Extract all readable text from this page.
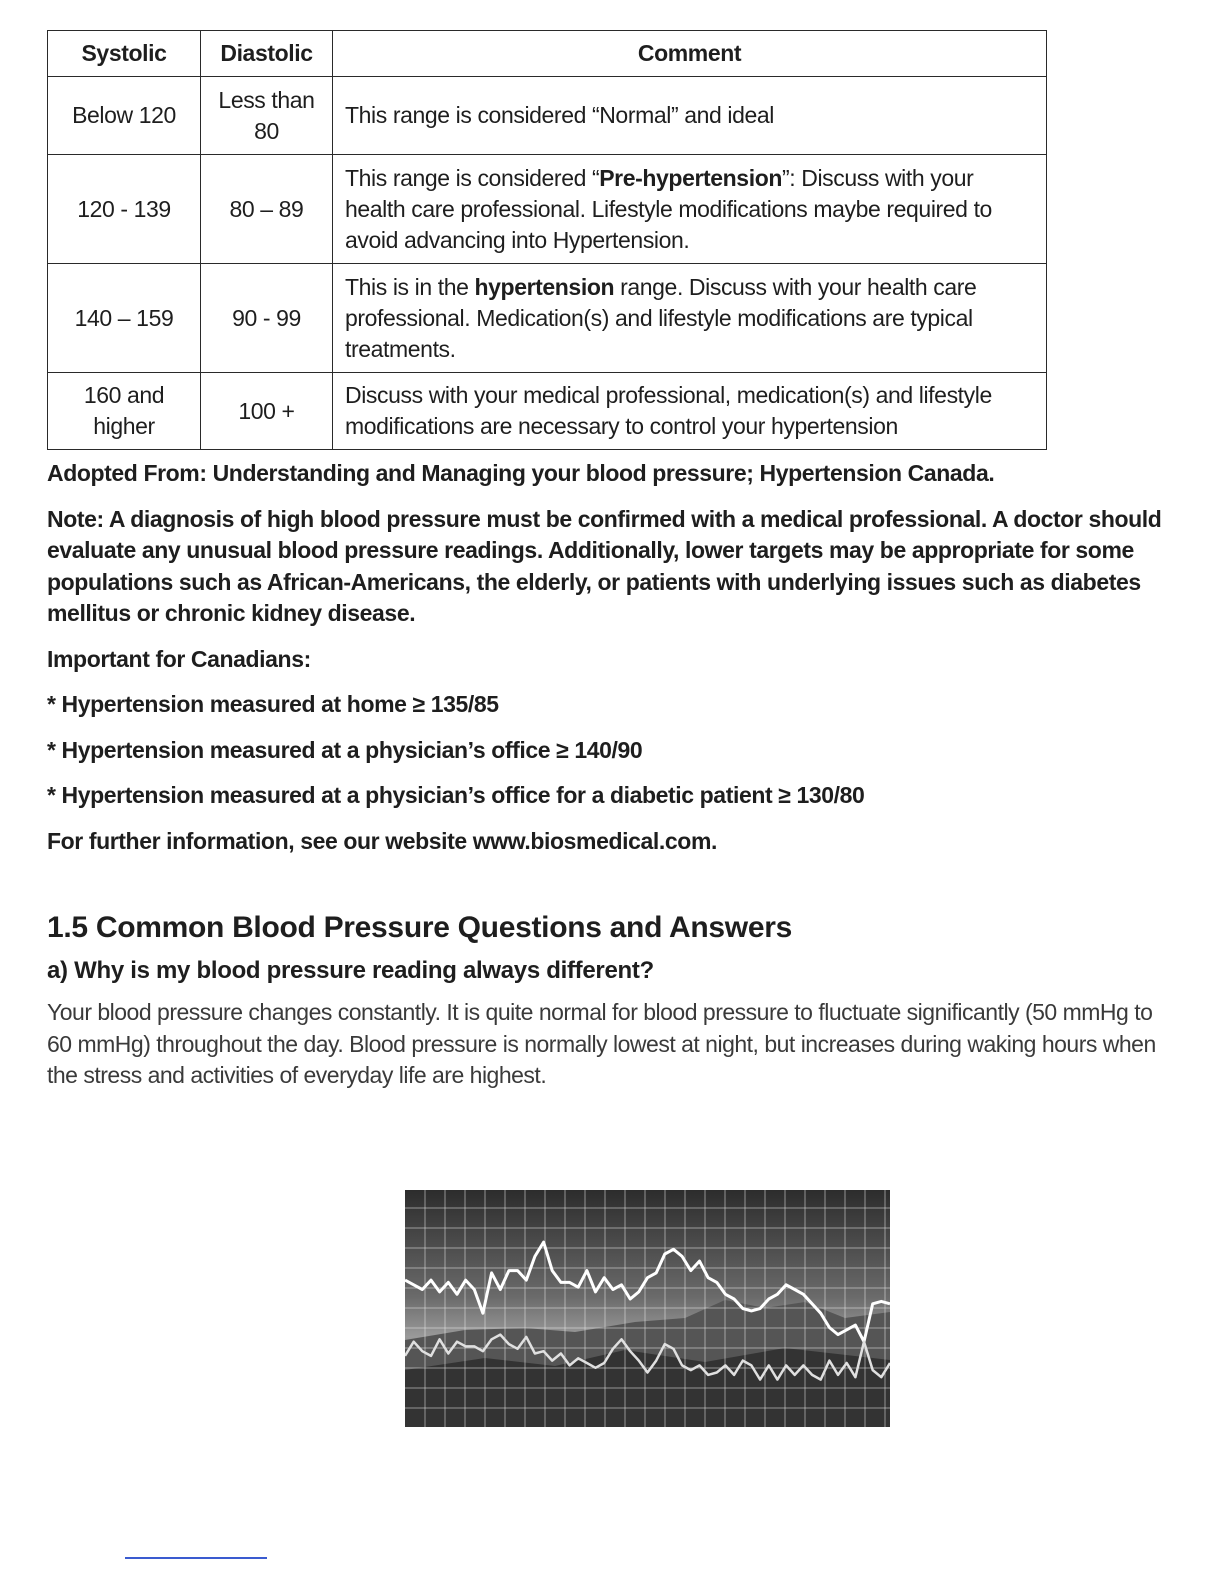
Systolic	Diastolic	Comment
Below 120	Less than 80	This range is considered “Normal” and ideal
120 - 139	80 – 89	This range is considered “Pre-hypertension”: Discuss with your health care professional. Lifestyle modifications maybe required to avoid advancing into Hypertension.
140 – 159	90 - 99	This is in the hypertension range. Discuss with your health care professional. Medication(s) and lifestyle modifications are typical treatments.
160 and higher	100 +	Discuss with your medical professional, medication(s) and lifestyle modifications are necessary to control your hypertension

Adopted From: Understanding and Managing your blood pressure; Hypertension Canada.

Note: A diagnosis of high blood pressure must be confirmed with a medical professional. A doctor should evaluate any unusual blood pressure readings. Additionally, lower targets may be appropriate for some populations such as African-Americans, the elderly, or patients with underlying issues such as diabetes mellitus or chronic kidney disease.

Important for Canadians:

* Hypertension measured at home ≥ 135/85

* Hypertension measured at a physician’s office ≥ 140/90

* Hypertension measured at a physician’s office for a diabetic patient ≥ 130/80

For further information, see our website www.biosmedical.com.

1.5 Common Blood Pressure Questions and Answers
a) Why is my blood pressure reading always different?

Your blood pressure changes constantly. It is quite normal for blood pressure to fluctuate significantly (50 mmHg to 60 mmHg) throughout the day. Blood pressure is normally lowest at night, but increases during waking hours when the stress and activities of everyday life are highest.
